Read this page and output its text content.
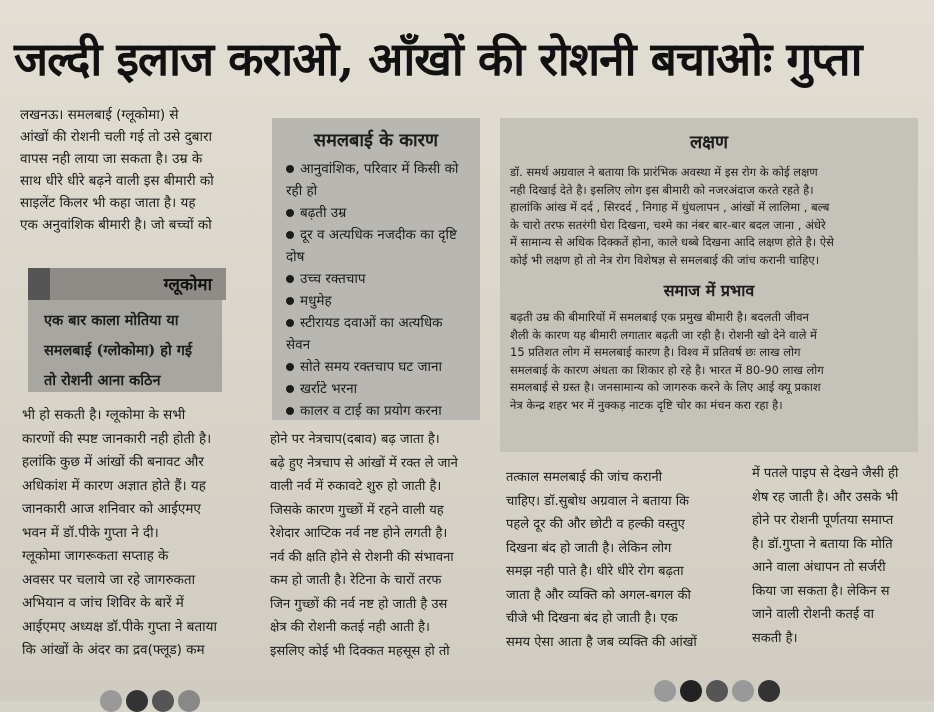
जल्दी इलाज कराओ, आँखों की रोशनी बचाओः गुप्ता

लखनऊ। समलबाई (ग्लूकोमा) से

आंखों की रोशनी चली गई तो उसे दुबारा

वापस नही लाया जा सकता है। उम्र के

साथ धीरे धीरे बढ़ने वाली इस बीमारी को

साइलेंट किलर भी कहा जाता है। यह

एक अनुवांशिक बीमारी है। जो बच्चों को

ग्लूकोमा
एक बार काला मोतिया या
समलबाई (ग्लोकोमा) हो गई
तो रोशनी आना कठिन

भी हो सकती है। ग्लूकोमा के सभी

कारणों की स्पष्ट जानकारी नही होती है।

हलांकि कुछ में आंखों की बनावट और

अधिकांश में कारण अज्ञात होते हैं। यह

जानकारी आज शनिवार को आईएमए

भवन में डॉ.पीके गुप्ता ने दी।

ग्लूकोमा जागरूकता सप्ताह के

अवसर पर चलाये जा रहे जागरुकता

अभियान व जांच शिविर के बारें में

आईएमए अध्यक्ष डॉ.पीके गुप्ता ने बताया

कि आंखों के अंदर का द्रव(फ्लूड) कम

समलबाई के कारण
आनुवांशिक, परिवार में किसी को रही हो
बढ़ती उम्र
दूर व अत्यधिक नजदीक का दृष्टि दोष
उच्च रक्तचाप
मधुमेह
स्टीरायड दवाओं का अत्यधिक सेवन
सोते समय रक्तचाप घट जाना
खर्राटे भरना
कालर व टाई का प्रयोग करना

होने पर नेत्रचाप(दबाव) बढ़ जाता है।

बढ़े हुए नेत्रचाप से आंखों में रक्त ले जाने

वाली नर्व में रुकावटे शुरु हो जाती है।

जिसके कारण गुच्छों में रहने वाली यह

रेशेदार आप्टिक नर्व नष्ट होने लगती है।

नर्व की क्षति होने से रोशनी की संभावना

कम हो जाती है। रेटिना के चारों तरफ

जिन गुच्छों की नर्व नष्ट हो जाती है उस

क्षेत्र की रोशनी कतई नही आती है।

इसलिए कोई भी दिक्कत महसूस हो तो

लक्षण

डॉ. समर्थ अग्रवाल ने बताया कि प्रारंभिक अवस्था में इस रोग के कोई लक्षण

नही दिखाई देते है। इसलिए लोग इस बीमारी को नजरअंदाज करते रहते है।

हालांकि आंख में दर्द , सिरदर्द , निगाह में धुंधलापन , आंखों में लालिमा , बल्ब

के चारो तरफ सतरंगी घेरा दिखना, चश्मे का नंबर बार-बार बदल जाना , अंधेरे

में सामान्य से अधिक दिक्कतें होना, काले धब्बे दिखना आदि लक्षण होते है। ऐसे

कोई भी लक्षण हो तो नेत्र रोग विशेषज्ञ से समलबाई की जांच करानी चाहिए।

समाज में प्रभाव

बढ़ती उम्र की बीमारियों में समलबाई एक प्रमुख बीमारी है। बदलती जीवन

शैली के कारण यह बीमारी लगातार बढ़ती जा रही है। रोशनी खो देने वाले में

15 प्रतिशत लोग में समलबाई कारण है। विश्व में प्रतिवर्ष छः लाख लोग

समलबाई के कारण अंधता का शिकार हो रहे है। भारत में 80-90 लाख लोग

समलबाई से ग्रस्त है। जनसामान्य को जागरुक करने के लिए आई क्यू प्रकाश

नेत्र केन्द्र शहर भर में नुक्कड़ नाटक दृष्टि चोर का मंचन करा रहा है।

तत्काल समलबाई की जांच करानी

चाहिए। डॉ.सुबोध अग्रवाल ने बताया कि

पहले दूर की और छोटी व हल्की वस्तुए

दिखना बंद हो जाती है। लेकिन लोग

समझ नही पाते है। धीरे धीरे रोग बढ़ता

जाता है और व्यक्ति को अगल-बगल की

चीजे भी दिखना बंद हो जाती है। एक

समय ऐसा आता है जब व्यक्ति की आंखों

में पतले पाइप से देखने जैसी ही

शेष रह जाती है। और उसके भी

होने पर रोशनी पूर्णतया समाप्त

है। डॉ.गुप्ता ने बताया कि मोति

आने वाला अंधापन तो सर्जरी

किया जा सकता है। लेकिन स

जाने वाली रोशनी कतई वा

सकती है।
